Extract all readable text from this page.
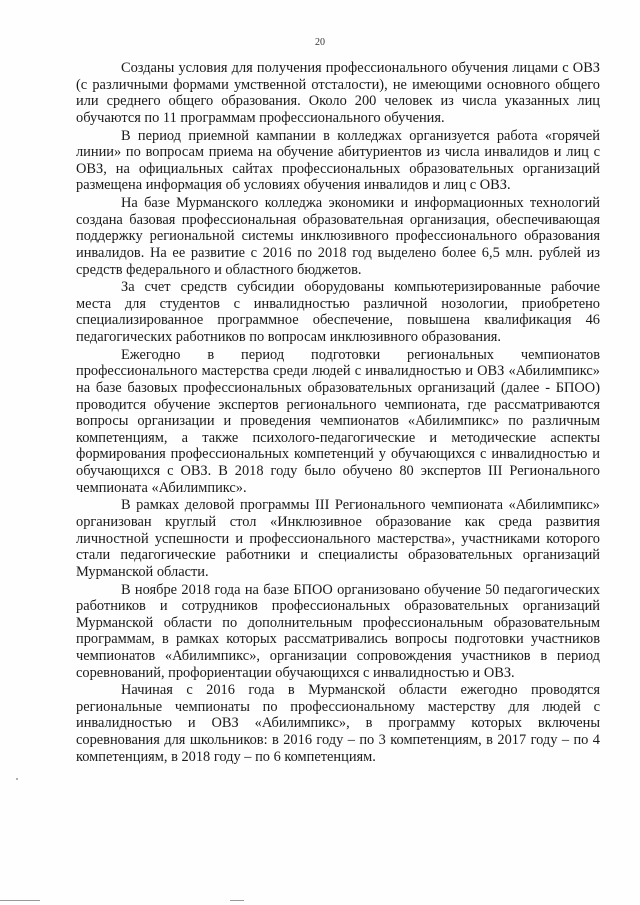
20

Созданы условия для получения профессионального обучения лицами с ОВЗ (с различными формами умственной отсталости), не имеющими основного общего или среднего общего образования. Около 200 человек из числа указанных лиц обучаются по 11 программам профессионального обучения.

В период приемной кампании в колледжах организуется работа «горячей линии» по вопросам приема на обучение абитуриентов из числа инвалидов и лиц с ОВЗ, на официальных сайтах профессиональных образовательных организаций размещена информация об условиях обучения инвалидов и лиц с ОВЗ.

На базе Мурманского колледжа экономики и информационных технологий создана базовая профессиональная образовательная организация, обеспечивающая поддержку региональной системы инклюзивного профессионального образования инвалидов. На ее развитие с 2016 по 2018 год выделено более 6,5 млн. рублей из средств федерального и областного бюджетов.

За счет средств субсидии оборудованы компьютеризированные рабочие места для студентов с инвалидностью различной нозологии, приобретено специализированное программное обеспечение, повышена квалификация 46 педагогических работников по вопросам инклюзивного образования.

Ежегодно в период подготовки региональных чемпионатов профессионального мастерства среди людей с инвалидностью и ОВЗ «Абилимпикс» на базе базовых профессиональных образовательных организаций (далее - БПОО) проводится обучение экспертов регионального чемпионата, где рассматриваются вопросы организации и проведения чемпионатов «Абилимпикс» по различным компетенциям, а также психолого-педагогические и методические аспекты формирования профессиональных компетенций у обучающихся с инвалидностью и обучающихся с ОВЗ. В 2018 году было обучено 80 экспертов III Регионального чемпионата «Абилимпикс».

В рамках деловой программы III Регионального чемпионата «Абилимпикс» организован круглый стол «Инклюзивное образование как среда развития личностной успешности и профессионального мастерства», участниками которого стали педагогические работники и специалисты образовательных организаций Мурманской области.

В ноябре 2018 года на базе БПОО организовано обучение 50 педагогических работников и сотрудников профессиональных образовательных организаций Мурманской области по дополнительным профессиональным образовательным программам, в рамках которых рассматривались вопросы подготовки участников чемпионатов «Абилимпикс», организации сопровождения участников в период соревнований, профориентации обучающихся с инвалидностью и ОВЗ.

Начиная с 2016 года в Мурманской области ежегодно проводятся региональные чемпионаты по профессиональному мастерству для людей с инвалидностью и ОВЗ «Абилимпикс», в программу которых включены соревнования для школьников: в 2016 году – по 3 компетенциям, в 2017 году – по 4 компетенциям, в 2018 году – по 6 компетенциям.
